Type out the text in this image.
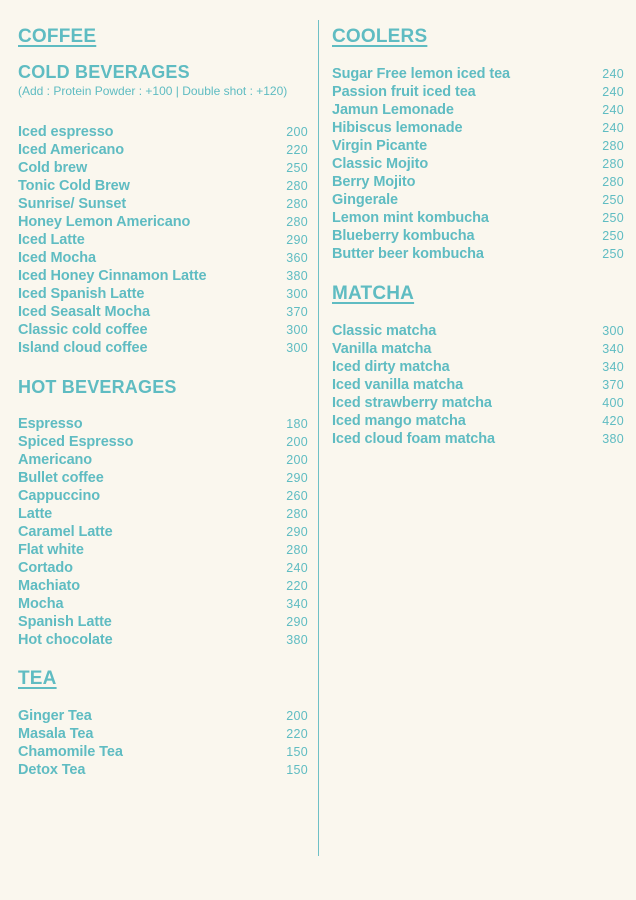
COFFEE
COLD BEVERAGES
(Add : Protein Powder : +100 | Double shot : +120)
Iced espresso	200
Iced Americano	220
Cold brew	250
Tonic Cold Brew	280
Sunrise/ Sunset	280
Honey Lemon Americano	280
Iced Latte	290
Iced Mocha	360
Iced Honey Cinnamon Latte	380
Iced Spanish Latte	300
Iced Seasalt Mocha	370
Classic cold coffee	300
Island cloud coffee	300
HOT BEVERAGES
Espresso	180
Spiced Espresso	200
Americano	200
Bullet coffee	290
Cappuccino	260
Latte	280
Caramel Latte	290
Flat white	280
Cortado	240
Machiato	220
Mocha	340
Spanish Latte	290
Hot chocolate	380
TEA
Ginger Tea	200
Masala Tea	220
Chamomile Tea	150
Detox Tea	150
COOLERS
Sugar Free lemon iced tea	240
Passion fruit iced tea	240
Jamun Lemonade	240
Hibiscus lemonade	240
Virgin Picante	280
Classic Mojito	280
Berry Mojito	280
Gingerale	250
Lemon mint kombucha	250
Blueberry kombucha	250
Butter beer kombucha	250
MATCHA
Classic matcha	300
Vanilla matcha	340
Iced dirty matcha	340
Iced vanilla matcha	370
Iced strawberry matcha	400
Iced mango matcha	420
Iced cloud foam matcha	380
